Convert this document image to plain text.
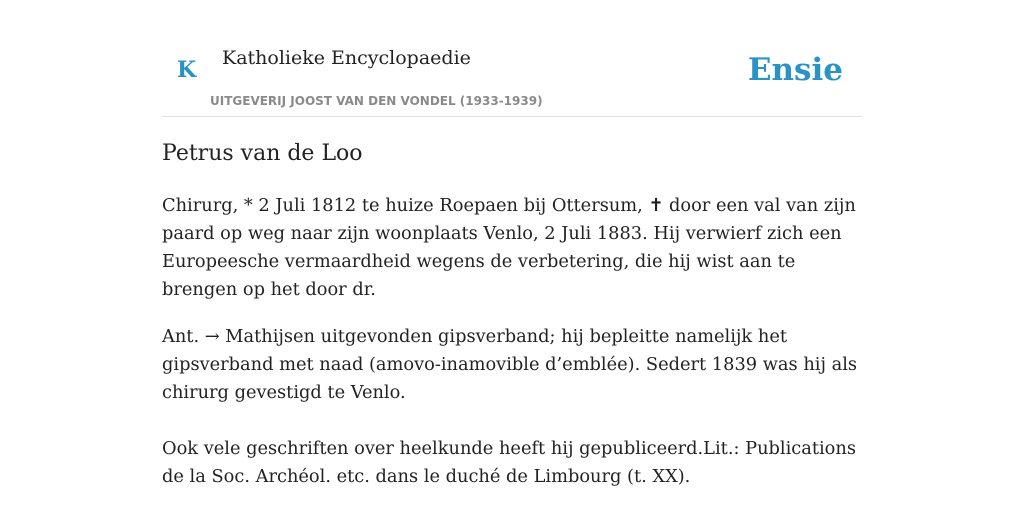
K Katholieke Encyclopaedie
UITGEVERIJ JOOST VAN DEN VONDEL (1933-1939)
Ensie
Petrus van de Loo

Chirurg, * 2 Juli 1812 te huize Roepaen bij Ottersum, ✝ door een val van zijn paard op weg naar zijn woonplaats Venlo, 2 Juli 1883. Hij verwierf zich een Europeesche vermaardheid wegens de verbetering, die hij wist aan te brengen op het door dr.

Ant. → Mathijsen uitgevonden gipsverband; hij bepleitte namelijk het gipsverband met naad (amovo-inamovible d’emblée). Sedert 1839 was hij als chirurg gevestigd te Venlo.

Ook vele geschriften over heelkunde heeft hij gepubliceerd.Lit.: Publications de la Soc. Archéol. etc. dans le duché de Limbourg (t. XX).
